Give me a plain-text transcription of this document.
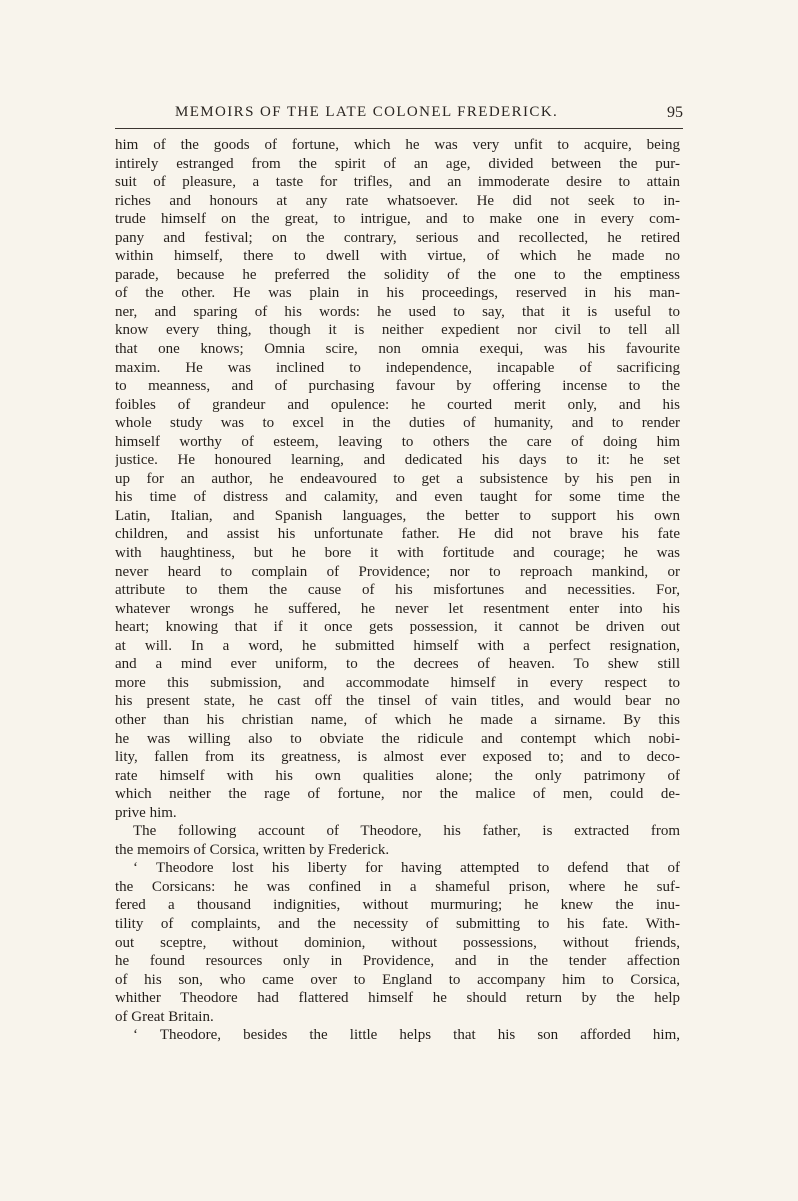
MEMOIRS OF THE LATE COLONEL FREDERICK.	95
him of the goods of fortune, which he was very unfit to acquire, being
intirely estranged from the spirit of an age, divided between the pur-
suit of pleasure, a taste for trifles, and an immoderate desire to attain
riches and honours at any rate whatsoever. He did not seek to in-
trude himself on the great, to intrigue, and to make one in every com-
pany and festival; on the contrary, serious and recollected, he retired
within himself, there to dwell with virtue, of which he made no
parade, because he preferred the solidity of the one to the emptiness
of the other. He was plain in his proceedings, reserved in his man-
ner, and sparing of his words: he used to say, that it is useful to
know every thing, though it is neither expedient nor civil to tell all
that one knows; Omnia scire, non omnia exequi, was his favourite
maxim. He was inclined to independence, incapable of sacrificing
to meanness, and of purchasing favour by offering incense to the
foibles of grandeur and opulence: he courted merit only, and his
whole study was to excel in the duties of humanity, and to render
himself worthy of esteem, leaving to others the care of doing him
justice. He honoured learning, and dedicated his days to it: he set
up for an author, he endeavoured to get a subsistence by his pen in
his time of distress and calamity, and even taught for some time the
Latin, Italian, and Spanish languages, the better to support his own
children, and assist his unfortunate father. He did not brave his fate
with haughtiness, but he bore it with fortitude and courage; he was
never heard to complain of Providence; nor to reproach mankind, or
attribute to them the cause of his misfortunes and necessities. For,
whatever wrongs he suffered, he never let resentment enter into his
heart; knowing that if it once gets possession, it cannot be driven out
at will. In a word, he submitted himself with a perfect resignation,
and a mind ever uniform, to the decrees of heaven. To shew still
more this submission, and accommodate himself in every respect to
his present state, he cast off the tinsel of vain titles, and would bear no
other than his christian name, of which he made a sirname. By this
he was willing also to obviate the ridicule and contempt which nobi-
lity, fallen from its greatness, is almost ever exposed to; and to deco-
rate himself with his own qualities alone; the only patrimony of
which neither the rage of fortune, nor the malice of men, could de-
prive him.
The following account of Theodore, his father, is extracted from
the memoirs of Corsica, written by Frederick.
‘ Theodore lost his liberty for having attempted to defend that of
the Corsicans: he was confined in a shameful prison, where he suf-
fered a thousand indignities, without murmuring; he knew the inu-
tility of complaints, and the necessity of submitting to his fate. With-
out sceptre, without dominion, without possessions, without friends,
he found resources only in Providence, and in the tender affection
of his son, who came over to England to accompany him to Corsica,
whither Theodore had flattered himself he should return by the help
of Great Britain.
‘ Theodore, besides the little helps that his son afforded him,
